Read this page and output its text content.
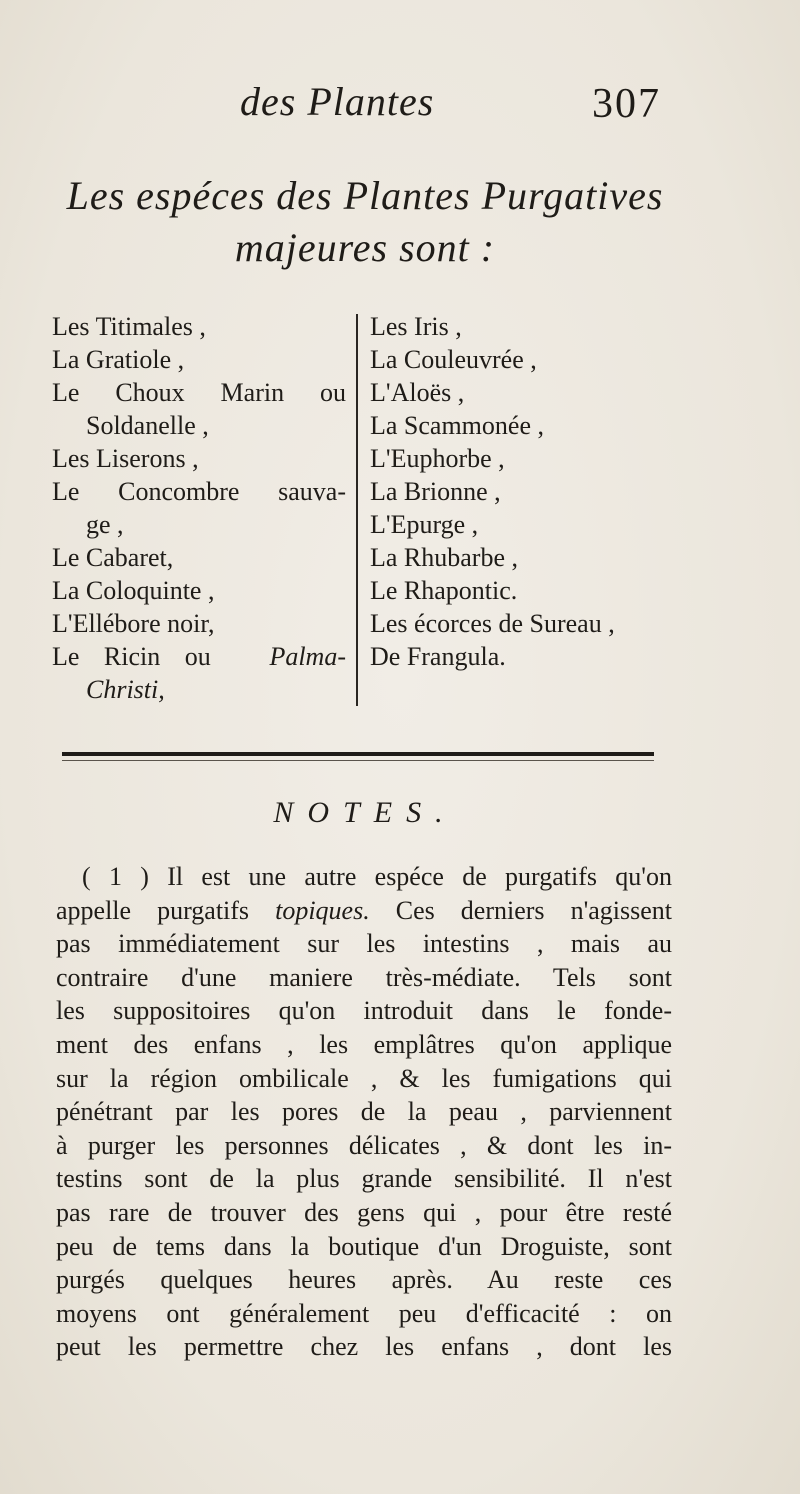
des Plantes	307
Les espéces des Plantes Purgatives
majeures sont :
Les Titimales ,
La Gratiole ,
Le Choux Marin ou
Soldanelle ,
Les Liserons ,
Le Concombre sauva-
ge ,
Le Cabaret,
La Coloquinte ,
L'Ellébore noir,
Le Ricin ou Palma-
Christi,
Les Iris ,
La Couleuvrée ,
L'Aloës ,
La Scammonée ,
L'Euphorbe ,
La Brionne ,
L'Epurge ,
La Rhubarbe ,
Le Rhapontic.
Les écorces de Sureau ,
De Frangula.
NOTES.
( 1 ) Il est une autre espéce de purgatifs qu'on
appelle purgatifs topiques. Ces derniers n'agissent
pas immédiatement sur les intestins , mais au
contraire d'une maniere très-médiate. Tels sont
les suppositoires qu'on introduit dans le fonde-
ment des enfans , les emplâtres qu'on applique
sur la région ombilicale , & les fumigations qui
pénétrant par les pores de la peau , parviennent
à purger les personnes délicates , & dont les in-
testins sont de la plus grande sensibilité. Il n'est
pas rare de trouver des gens qui , pour être resté
peu de tems dans la boutique d'un Droguiste, sont
purgés quelques heures après. Au reste ces
moyens ont généralement peu d'efficacité : on
peut les permettre chez les enfans , dont les
